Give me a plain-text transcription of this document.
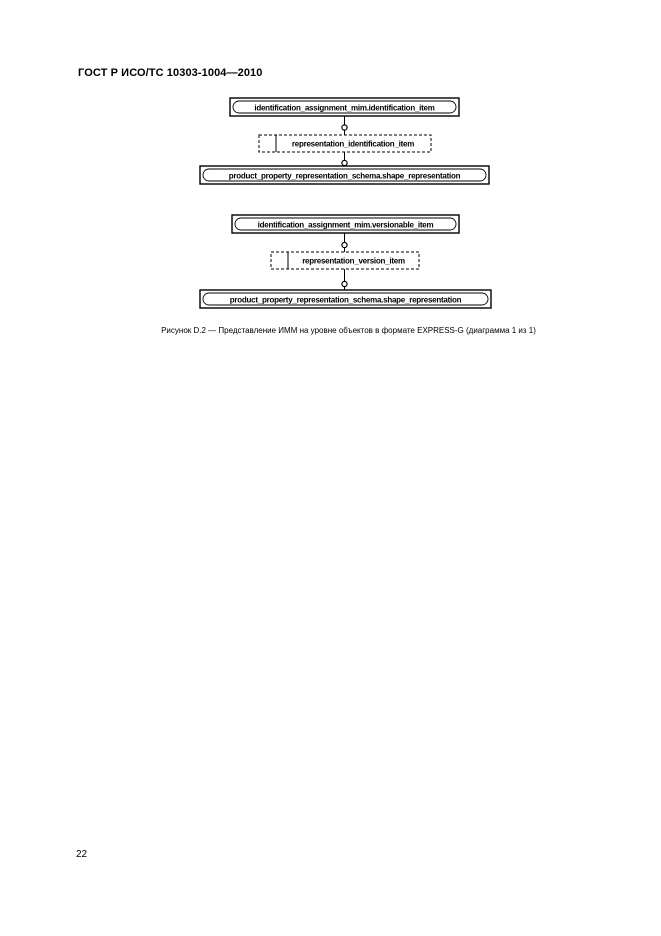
ГОСТ Р ИСО/ТС 10303-1004—2010
identification_assignment_mim.identification_item
representation_identification_item
product_property_representation_schema.shape_representation
identification_assignment_mim.versionable_item
representation_version_item
product_property_representation_schema.shape_representation
Рисунок D.2 — Представление ИММ на уровне объектов в формате EXPRESS-G (диаграмма 1 из 1)
22
